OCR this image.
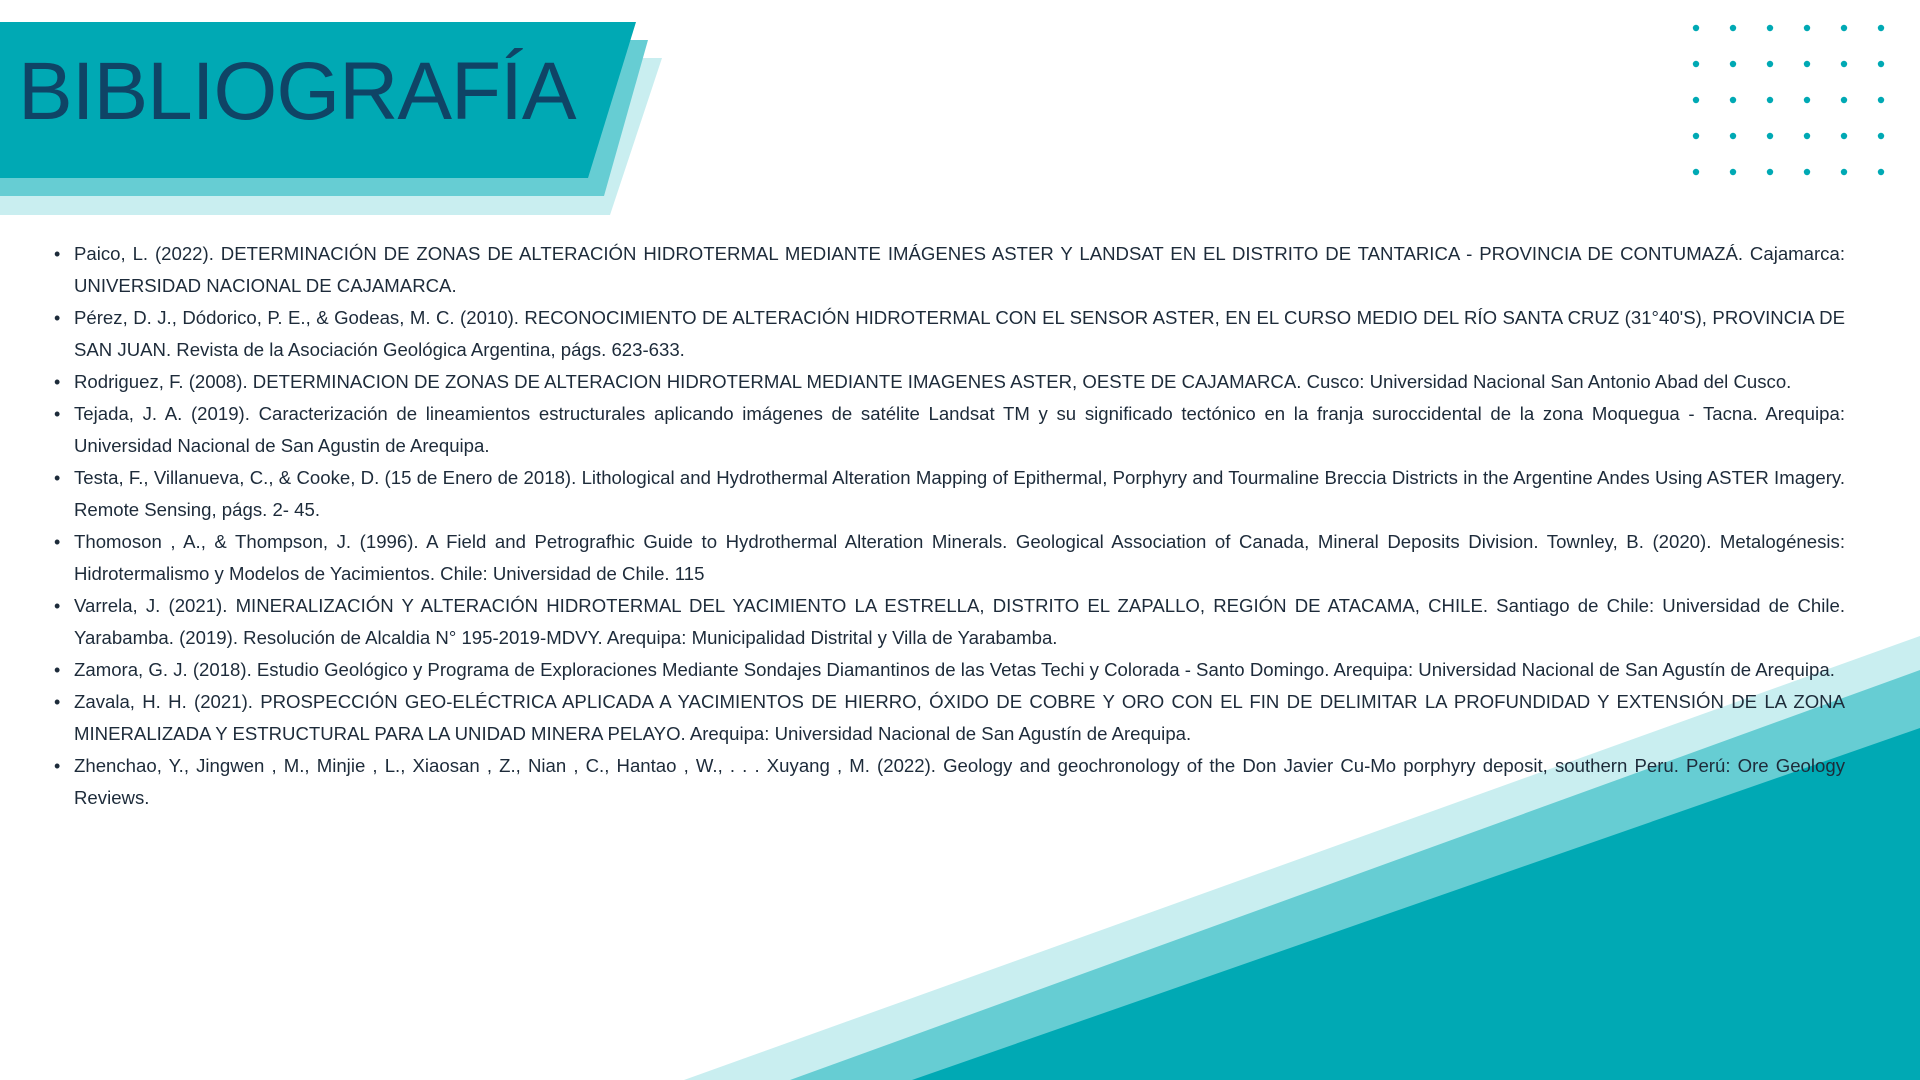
BIBLIOGRAFÍA
• Paico, L. (2022). DETERMINACIÓN DE ZONAS DE ALTERACIÓN HIDROTERMAL MEDIANTE IMÁGENES ASTER Y LANDSAT EN EL DISTRITO DE TANTARICA - PROVINCIA DE CONTUMAZÁ. Cajamarca: UNIVERSIDAD NACIONAL DE CAJAMARCA.
• Pérez, D. J., Dódorico, P. E., & Godeas, M. C. (2010). RECONOCIMIENTO DE ALTERACIÓN HIDROTERMAL CON EL SENSOR ASTER, EN EL CURSO MEDIO DEL RÍO SANTA CRUZ (31°40'S), PROVINCIA DE SAN JUAN. Revista de la Asociación Geológica Argentina, págs. 623-633.
• Rodriguez, F. (2008). DETERMINACION DE ZONAS DE ALTERACION HIDROTERMAL MEDIANTE IMAGENES ASTER, OESTE DE CAJAMARCA. Cusco: Universidad Nacional San Antonio Abad del Cusco.
• Tejada, J. A. (2019). Caracterización de lineamientos estructurales aplicando imágenes de satélite Landsat TM y su significado tectónico en la franja suroccidental de la zona Moquegua - Tacna. Arequipa: Universidad Nacional de San Agustin de Arequipa.
• Testa, F., Villanueva, C., & Cooke, D. (15 de Enero de 2018). Lithological and Hydrothermal Alteration Mapping of Epithermal, Porphyry and Tourmaline Breccia Districts in the Argentine Andes Using ASTER Imagery. Remote Sensing, págs. 2- 45.
• Thomoson , A., & Thompson, J. (1996). A Field and Petrografhic Guide to Hydrothermal Alteration Minerals. Geological Association of Canada, Mineral Deposits Division. Townley, B. (2020). Metalogénesis: Hidrotermalismo y Modelos de Yacimientos. Chile: Universidad de Chile. 115
• Varrela, J. (2021). MINERALIZACIÓN Y ALTERACIÓN HIDROTERMAL DEL YACIMIENTO LA ESTRELLA, DISTRITO EL ZAPALLO, REGIÓN DE ATACAMA, CHILE. Santiago de Chile: Universidad de Chile. Yarabamba. (2019). Resolución de Alcaldia N° 195-2019-MDVY. Arequipa: Municipalidad Distrital y Villa de Yarabamba.
• Zamora, G. J. (2018). Estudio Geológico y Programa de Exploraciones Mediante Sondajes Diamantinos de las Vetas Techi y Colorada - Santo Domingo. Arequipa: Universidad Nacional de San Agustín de Arequipa.
• Zavala, H. H. (2021). PROSPECCIÓN GEO-ELÉCTRICA APLICADA A YACIMIENTOS DE HIERRO, ÓXIDO DE COBRE Y ORO CON EL FIN DE DELIMITAR LA PROFUNDIDAD Y EXTENSIÓN DE LA ZONA MINERALIZADA Y ESTRUCTURAL PARA LA UNIDAD MINERA PELAYO. Arequipa: Universidad Nacional de San Agustín de Arequipa.
• Zhenchao, Y., Jingwen , M., Minjie , L., Xiaosan , Z., Nian , C., Hantao , W., . . . Xuyang , M. (2022). Geology and geochronology of the Don Javier Cu-Mo porphyry deposit, southern Peru. Perú: Ore Geology Reviews.
